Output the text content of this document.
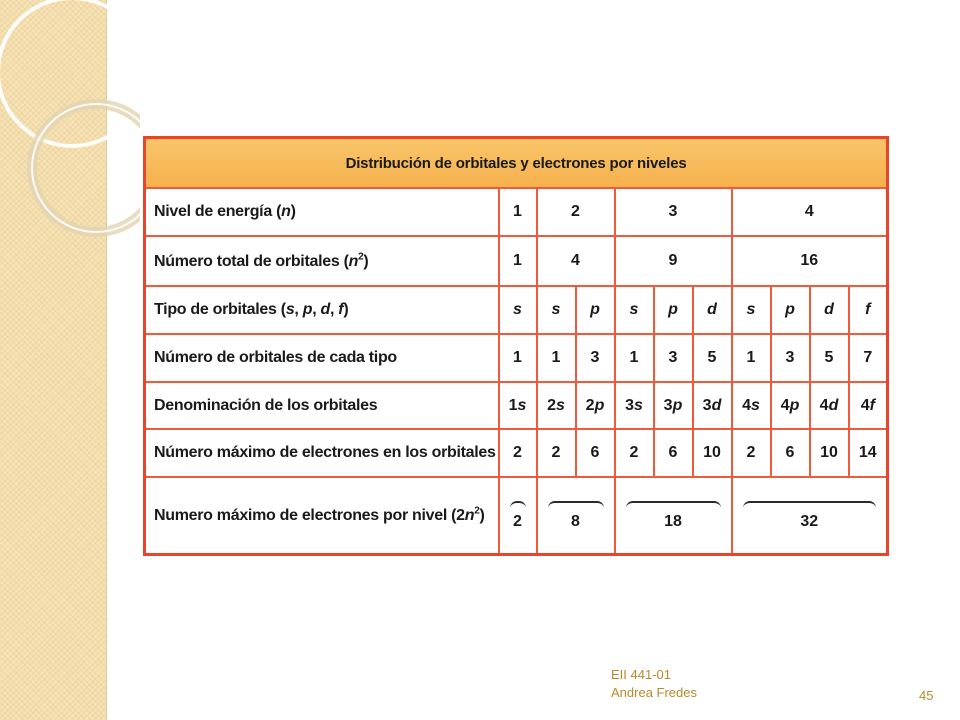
Distribución de orbitales y electrones por niveles										
Nivel de energía (n)	1	2		3			4			
Número total de orbitales $(n^2)$	1	4		9			16			
Tipo de orbitales (s, p, d, f)	s	s	p	s	p	d	s	p	d	f
Número de orbitales de cada tipo	1	1	3	1	3	5	1	3	5	7
Denominación de los orbitales	1s	2s	2p	3s	3p	3d	4s	4p	4d	4f
Número máximo de electrones en los orbitales	2	2	6	2	6	10	2	6	10	14
Numero máximo de electrones por nivel $(2n^2)$	2	8		18			32			
EII 441-01
Andrea Fredes	45
